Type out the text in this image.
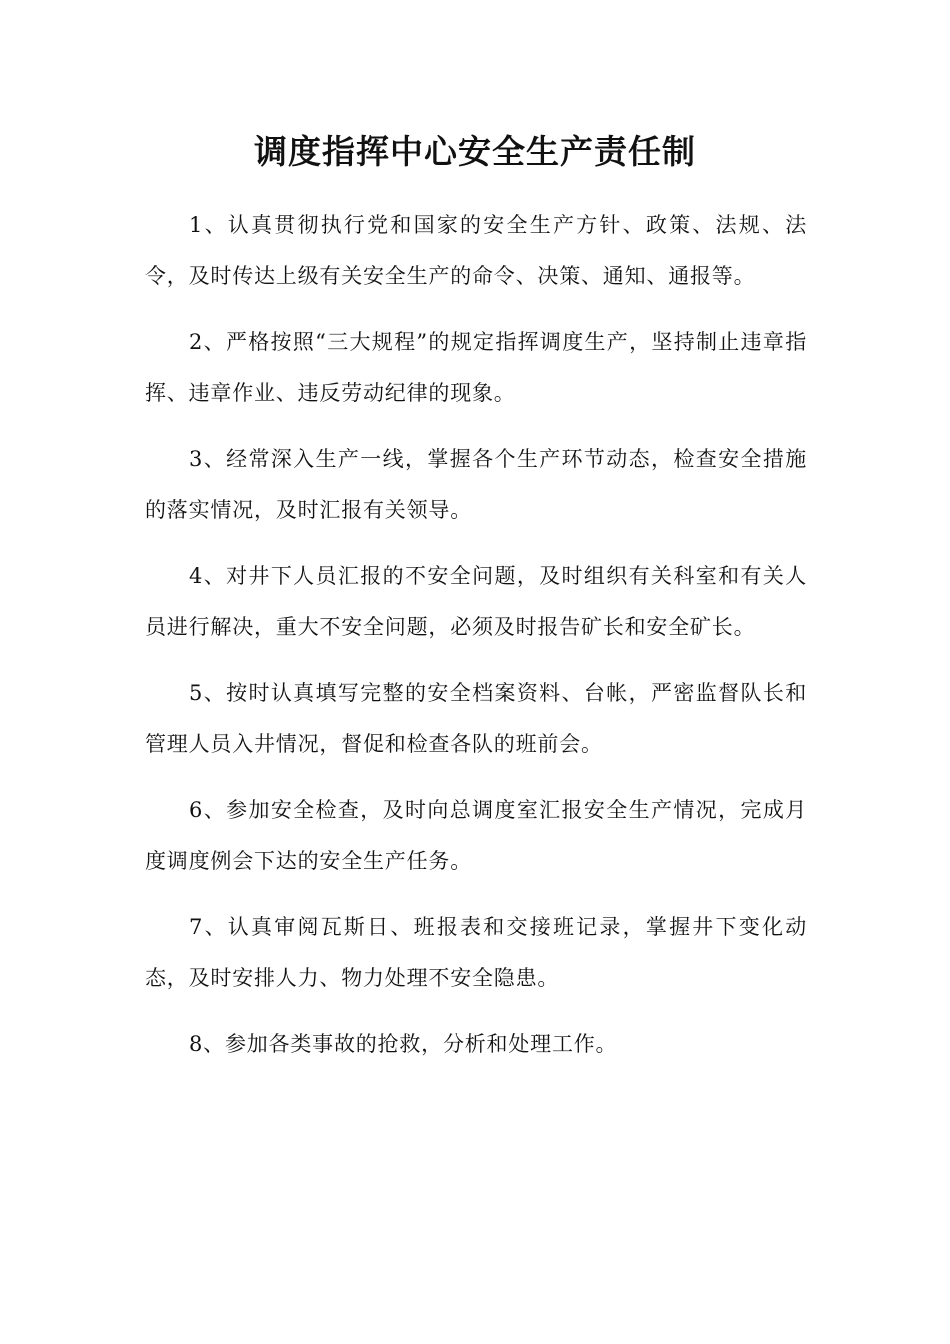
调度指挥中心安全生产责任制

1、认真贯彻执行党和国家的安全生产方针、政策、法规、法令，及时传达上级有关安全生产的命令、决策、通知、通报等。

2、严格按照“三大规程”的规定指挥调度生产，坚持制止违章指挥、违章作业、违反劳动纪律的现象。

3、经常深入生产一线，掌握各个生产环节动态，检查安全措施的落实情况，及时汇报有关领导。

4、对井下人员汇报的不安全问题，及时组织有关科室和有关人员进行解决，重大不安全问题，必须及时报告矿长和安全矿长。

5、按时认真填写完整的安全档案资料、台帐，严密监督队长和管理人员入井情况，督促和检查各队的班前会。

6、参加安全检查，及时向总调度室汇报安全生产情况，完成月度调度例会下达的安全生产任务。

7、认真审阅瓦斯日、班报表和交接班记录，掌握井下变化动态，及时安排人力、物力处理不安全隐患。

8、参加各类事故的抢救，分析和处理工作。
